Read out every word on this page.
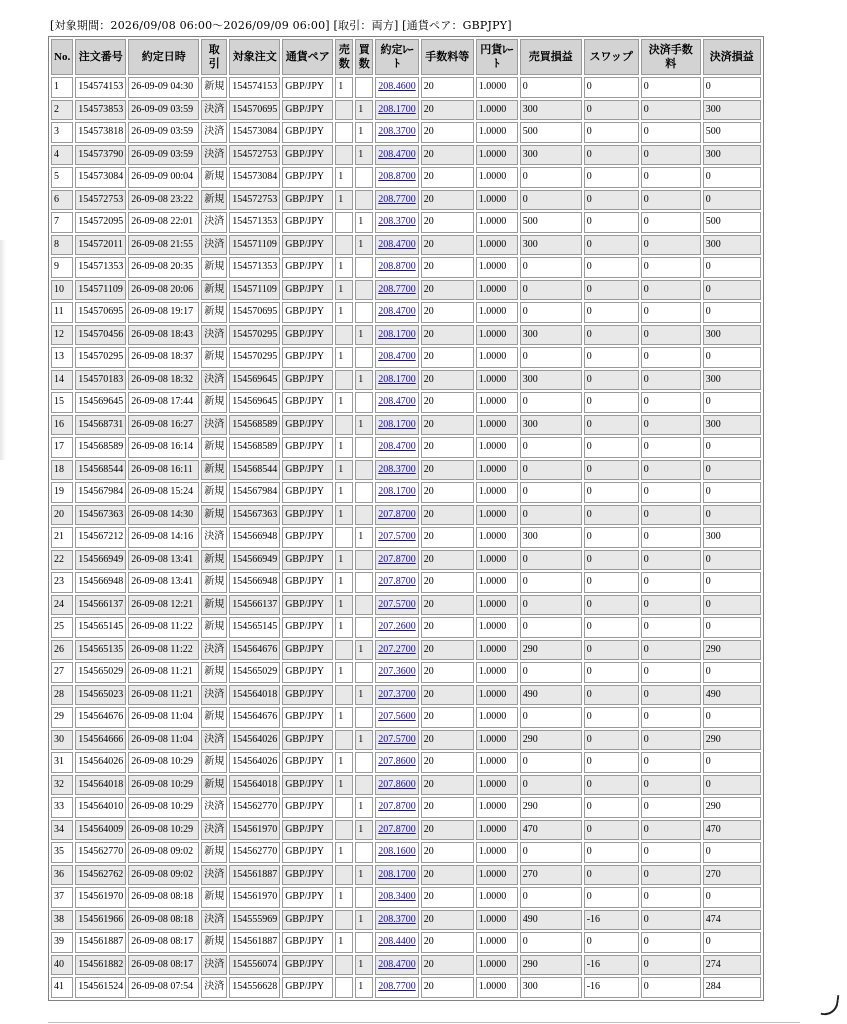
[対象期間：2026/09/08 06:00〜2026/09/09 06:00] [取引：両方] [通貨ペア：GBPJPY]
No.	注文番号	約定日時	取引	対象注文	通貨ペア	売数	買数	約定ﾚｰﾄ	手数料等	円貨ﾚｰﾄ	売買損益	スワップ	決済手数料	決済損益
1	154574153	26-09-09 04:30	新規	154574153	GBP/JPY	1		208.4600	20	1.0000	0	0	0	0
2	154573853	26-09-09 03:59	決済	154570695	GBP/JPY		1	208.1700	20	1.0000	300	0	0	300
3	154573818	26-09-09 03:59	決済	154573084	GBP/JPY		1	208.3700	20	1.0000	500	0	0	500
4	154573790	26-09-09 03:59	決済	154572753	GBP/JPY		1	208.4700	20	1.0000	300	0	0	300
5	154573084	26-09-09 00:04	新規	154573084	GBP/JPY	1		208.8700	20	1.0000	0	0	0	0
6	154572753	26-09-08 23:22	新規	154572753	GBP/JPY	1		208.7700	20	1.0000	0	0	0	0
7	154572095	26-09-08 22:01	決済	154571353	GBP/JPY		1	208.3700	20	1.0000	500	0	0	500
8	154572011	26-09-08 21:55	決済	154571109	GBP/JPY		1	208.4700	20	1.0000	300	0	0	300
9	154571353	26-09-08 20:35	新規	154571353	GBP/JPY	1		208.8700	20	1.0000	0	0	0	0
10	154571109	26-09-08 20:06	新規	154571109	GBP/JPY	1		208.7700	20	1.0000	0	0	0	0
11	154570695	26-09-08 19:17	新規	154570695	GBP/JPY	1		208.4700	20	1.0000	0	0	0	0
12	154570456	26-09-08 18:43	決済	154570295	GBP/JPY		1	208.1700	20	1.0000	300	0	0	300
13	154570295	26-09-08 18:37	新規	154570295	GBP/JPY	1		208.4700	20	1.0000	0	0	0	0
14	154570183	26-09-08 18:32	決済	154569645	GBP/JPY		1	208.1700	20	1.0000	300	0	0	300
15	154569645	26-09-08 17:44	新規	154569645	GBP/JPY	1		208.4700	20	1.0000	0	0	0	0
16	154568731	26-09-08 16:27	決済	154568589	GBP/JPY		1	208.1700	20	1.0000	300	0	0	300
17	154568589	26-09-08 16:14	新規	154568589	GBP/JPY	1		208.4700	20	1.0000	0	0	0	0
18	154568544	26-09-08 16:11	新規	154568544	GBP/JPY	1		208.3700	20	1.0000	0	0	0	0
19	154567984	26-09-08 15:24	新規	154567984	GBP/JPY	1		208.1700	20	1.0000	0	0	0	0
20	154567363	26-09-08 14:30	新規	154567363	GBP/JPY	1		207.8700	20	1.0000	0	0	0	0
21	154567212	26-09-08 14:16	決済	154566948	GBP/JPY		1	207.5700	20	1.0000	300	0	0	300
22	154566949	26-09-08 13:41	新規	154566949	GBP/JPY	1		207.8700	20	1.0000	0	0	0	0
23	154566948	26-09-08 13:41	新規	154566948	GBP/JPY	1		207.8700	20	1.0000	0	0	0	0
24	154566137	26-09-08 12:21	新規	154566137	GBP/JPY	1		207.5700	20	1.0000	0	0	0	0
25	154565145	26-09-08 11:22	新規	154565145	GBP/JPY	1		207.2600	20	1.0000	0	0	0	0
26	154565135	26-09-08 11:22	決済	154564676	GBP/JPY		1	207.2700	20	1.0000	290	0	0	290
27	154565029	26-09-08 11:21	新規	154565029	GBP/JPY	1		207.3600	20	1.0000	0	0	0	0
28	154565023	26-09-08 11:21	決済	154564018	GBP/JPY		1	207.3700	20	1.0000	490	0	0	490
29	154564676	26-09-08 11:04	新規	154564676	GBP/JPY	1		207.5600	20	1.0000	0	0	0	0
30	154564666	26-09-08 11:04	決済	154564026	GBP/JPY		1	207.5700	20	1.0000	290	0	0	290
31	154564026	26-09-08 10:29	新規	154564026	GBP/JPY	1		207.8600	20	1.0000	0	0	0	0
32	154564018	26-09-08 10:29	新規	154564018	GBP/JPY	1		207.8600	20	1.0000	0	0	0	0
33	154564010	26-09-08 10:29	決済	154562770	GBP/JPY		1	207.8700	20	1.0000	290	0	0	290
34	154564009	26-09-08 10:29	決済	154561970	GBP/JPY		1	207.8700	20	1.0000	470	0	0	470
35	154562770	26-09-08 09:02	新規	154562770	GBP/JPY	1		208.1600	20	1.0000	0	0	0	0
36	154562762	26-09-08 09:02	決済	154561887	GBP/JPY		1	208.1700	20	1.0000	270	0	0	270
37	154561970	26-09-08 08:18	新規	154561970	GBP/JPY	1		208.3400	20	1.0000	0	0	0	0
38	154561966	26-09-08 08:18	決済	154555969	GBP/JPY		1	208.3700	20	1.0000	490	-16	0	474
39	154561887	26-09-08 08:17	新規	154561887	GBP/JPY	1		208.4400	20	1.0000	0	0	0	0
40	154561882	26-09-08 08:17	決済	154556074	GBP/JPY		1	208.4700	20	1.0000	290	-16	0	274
41	154561524	26-09-08 07:54	決済	154556628	GBP/JPY		1	208.7700	20	1.0000	300	-16	0	284
